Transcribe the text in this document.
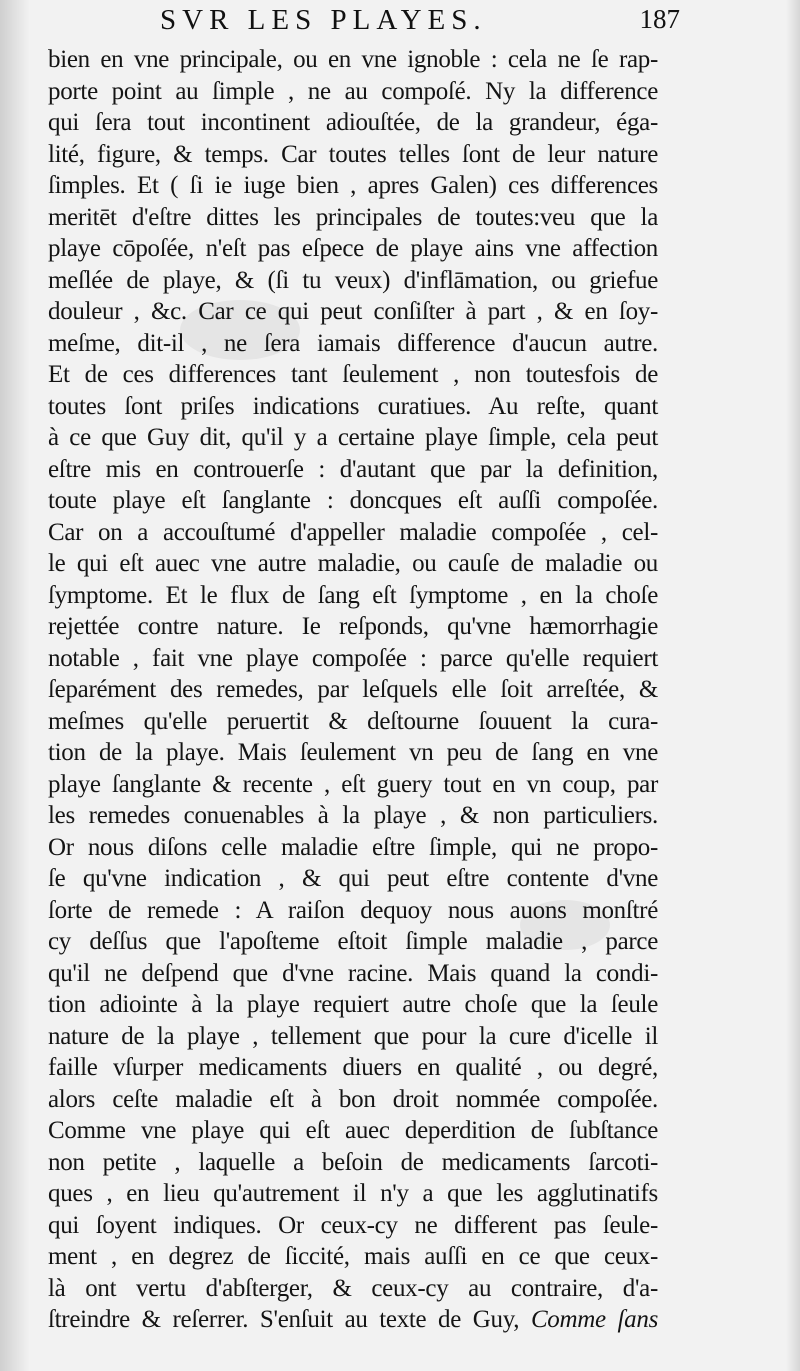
SVR LES PLAYES.	187
bien en vne principale, ou en vne ignoble : cela ne ſe rap-
porte point au ſimple , ne au compoſé. Ny la difference
qui ſera tout incontinent adiouſtée, de la grandeur, éga-
lité, figure, & temps. Car toutes telles ſont de leur nature
ſimples. Et ( ſi ie iuge bien , apres Galen) ces differences
meritēt d'eſtre dittes les principales de toutes:veu que la
playe cōpoſée, n'eſt pas eſpece de playe ains vne affection
meſlée de playe, & (ſi tu veux) d'inflāmation, ou griefue
douleur , &c. Car ce qui peut conſiſter à part , & en ſoy-
meſme, dit-il , ne ſera iamais difference d'aucun autre.
Et de ces differences tant ſeulement , non toutesfois de
toutes ſont priſes indications curatiues. Au reſte, quant
à ce que Guy dit, qu'il y a certaine playe ſimple, cela peut
eſtre mis en controuerſe : d'autant que par la definition,
toute playe eſt ſanglante : doncques eſt auſſi compoſée.
Car on a accouſtumé d'appeller maladie compoſée , cel-
le qui eſt auec vne autre maladie, ou cauſe de maladie ou
ſymptome. Et le flux de ſang eſt ſymptome , en la choſe
rejettée contre nature. Ie reſponds, qu'vne hæmorrhagie
notable , fait vne playe compoſée : parce qu'elle requiert
ſeparément des remedes, par leſquels elle ſoit arreſtée, &
meſmes qu'elle peruertit & deſtourne ſouuent la cura-
tion de la playe. Mais ſeulement vn peu de ſang en vne
playe ſanglante & recente , eſt guery tout en vn coup, par
les remedes conuenables à la playe , & non particuliers.
Or nous diſons celle maladie eſtre ſimple, qui ne propo-
ſe qu'vne indication , & qui peut eſtre contente d'vne
ſorte de remede : A raiſon dequoy nous auons monſtré
cy deſſus que l'apoſteme eſtoit ſimple maladie , parce
qu'il ne deſpend que d'vne racine. Mais quand la condi-
tion adiointe à la playe requiert autre choſe que la ſeule
nature de la playe , tellement que pour la cure d'icelle il
faille vſurper medicaments diuers en qualité , ou degré,
alors ceſte maladie eſt à bon droit nommée compoſée.
Comme vne playe qui eſt auec deperdition de ſubſtance
non petite , laquelle a beſoin de medicaments ſarcoti-
ques , en lieu qu'autrement il n'y a que les agglutinatifs
qui ſoyent indiques. Or ceux-cy ne different pas ſeule-
ment , en degrez de ſiccité, mais auſſi en ce que ceux-
là ont vertu d'abſterger, & ceux-cy au contraire, d'a-
ſtreindre & reſerrer. S'enſuit au texte de Guy, Comme ſans
